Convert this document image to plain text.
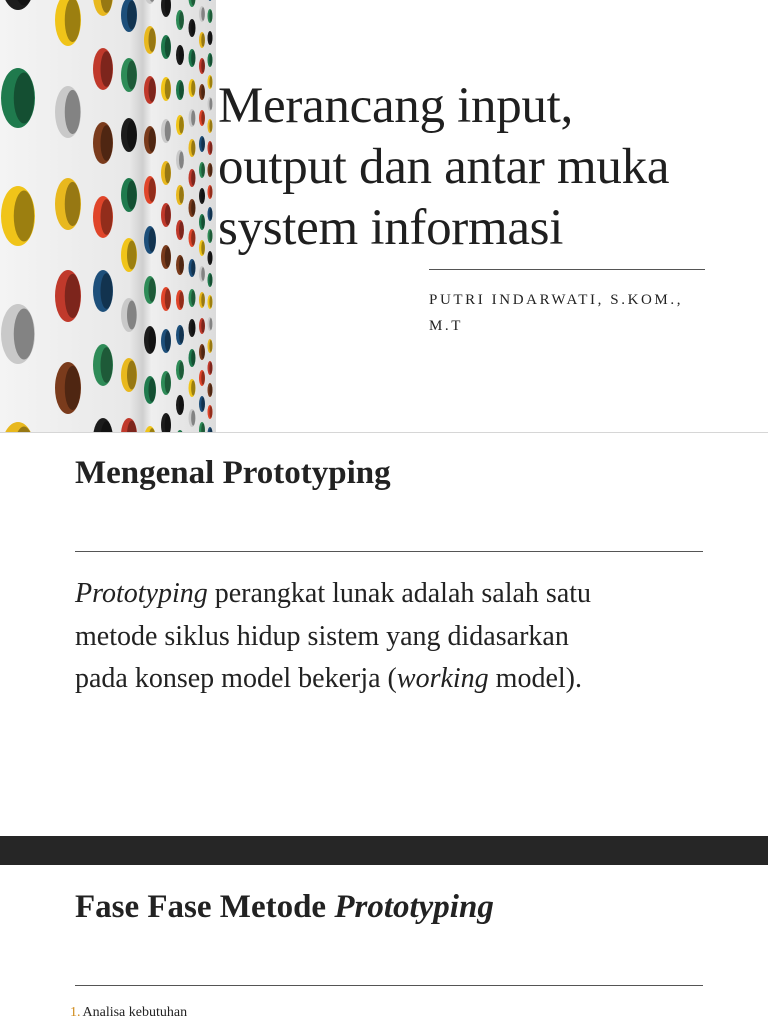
Merancang input,
output dan antar muka
system informasi

PUTRI INDARWATI, S.KOM.,
M.T

Mengenal Prototyping

Prototyping perangkat lunak adalah salah satu
metode siklus hidup sistem yang didasarkan
pada konsep model bekerja (working model).

Fase Fase Metode Prototyping
1. Analisa kebutuhan
